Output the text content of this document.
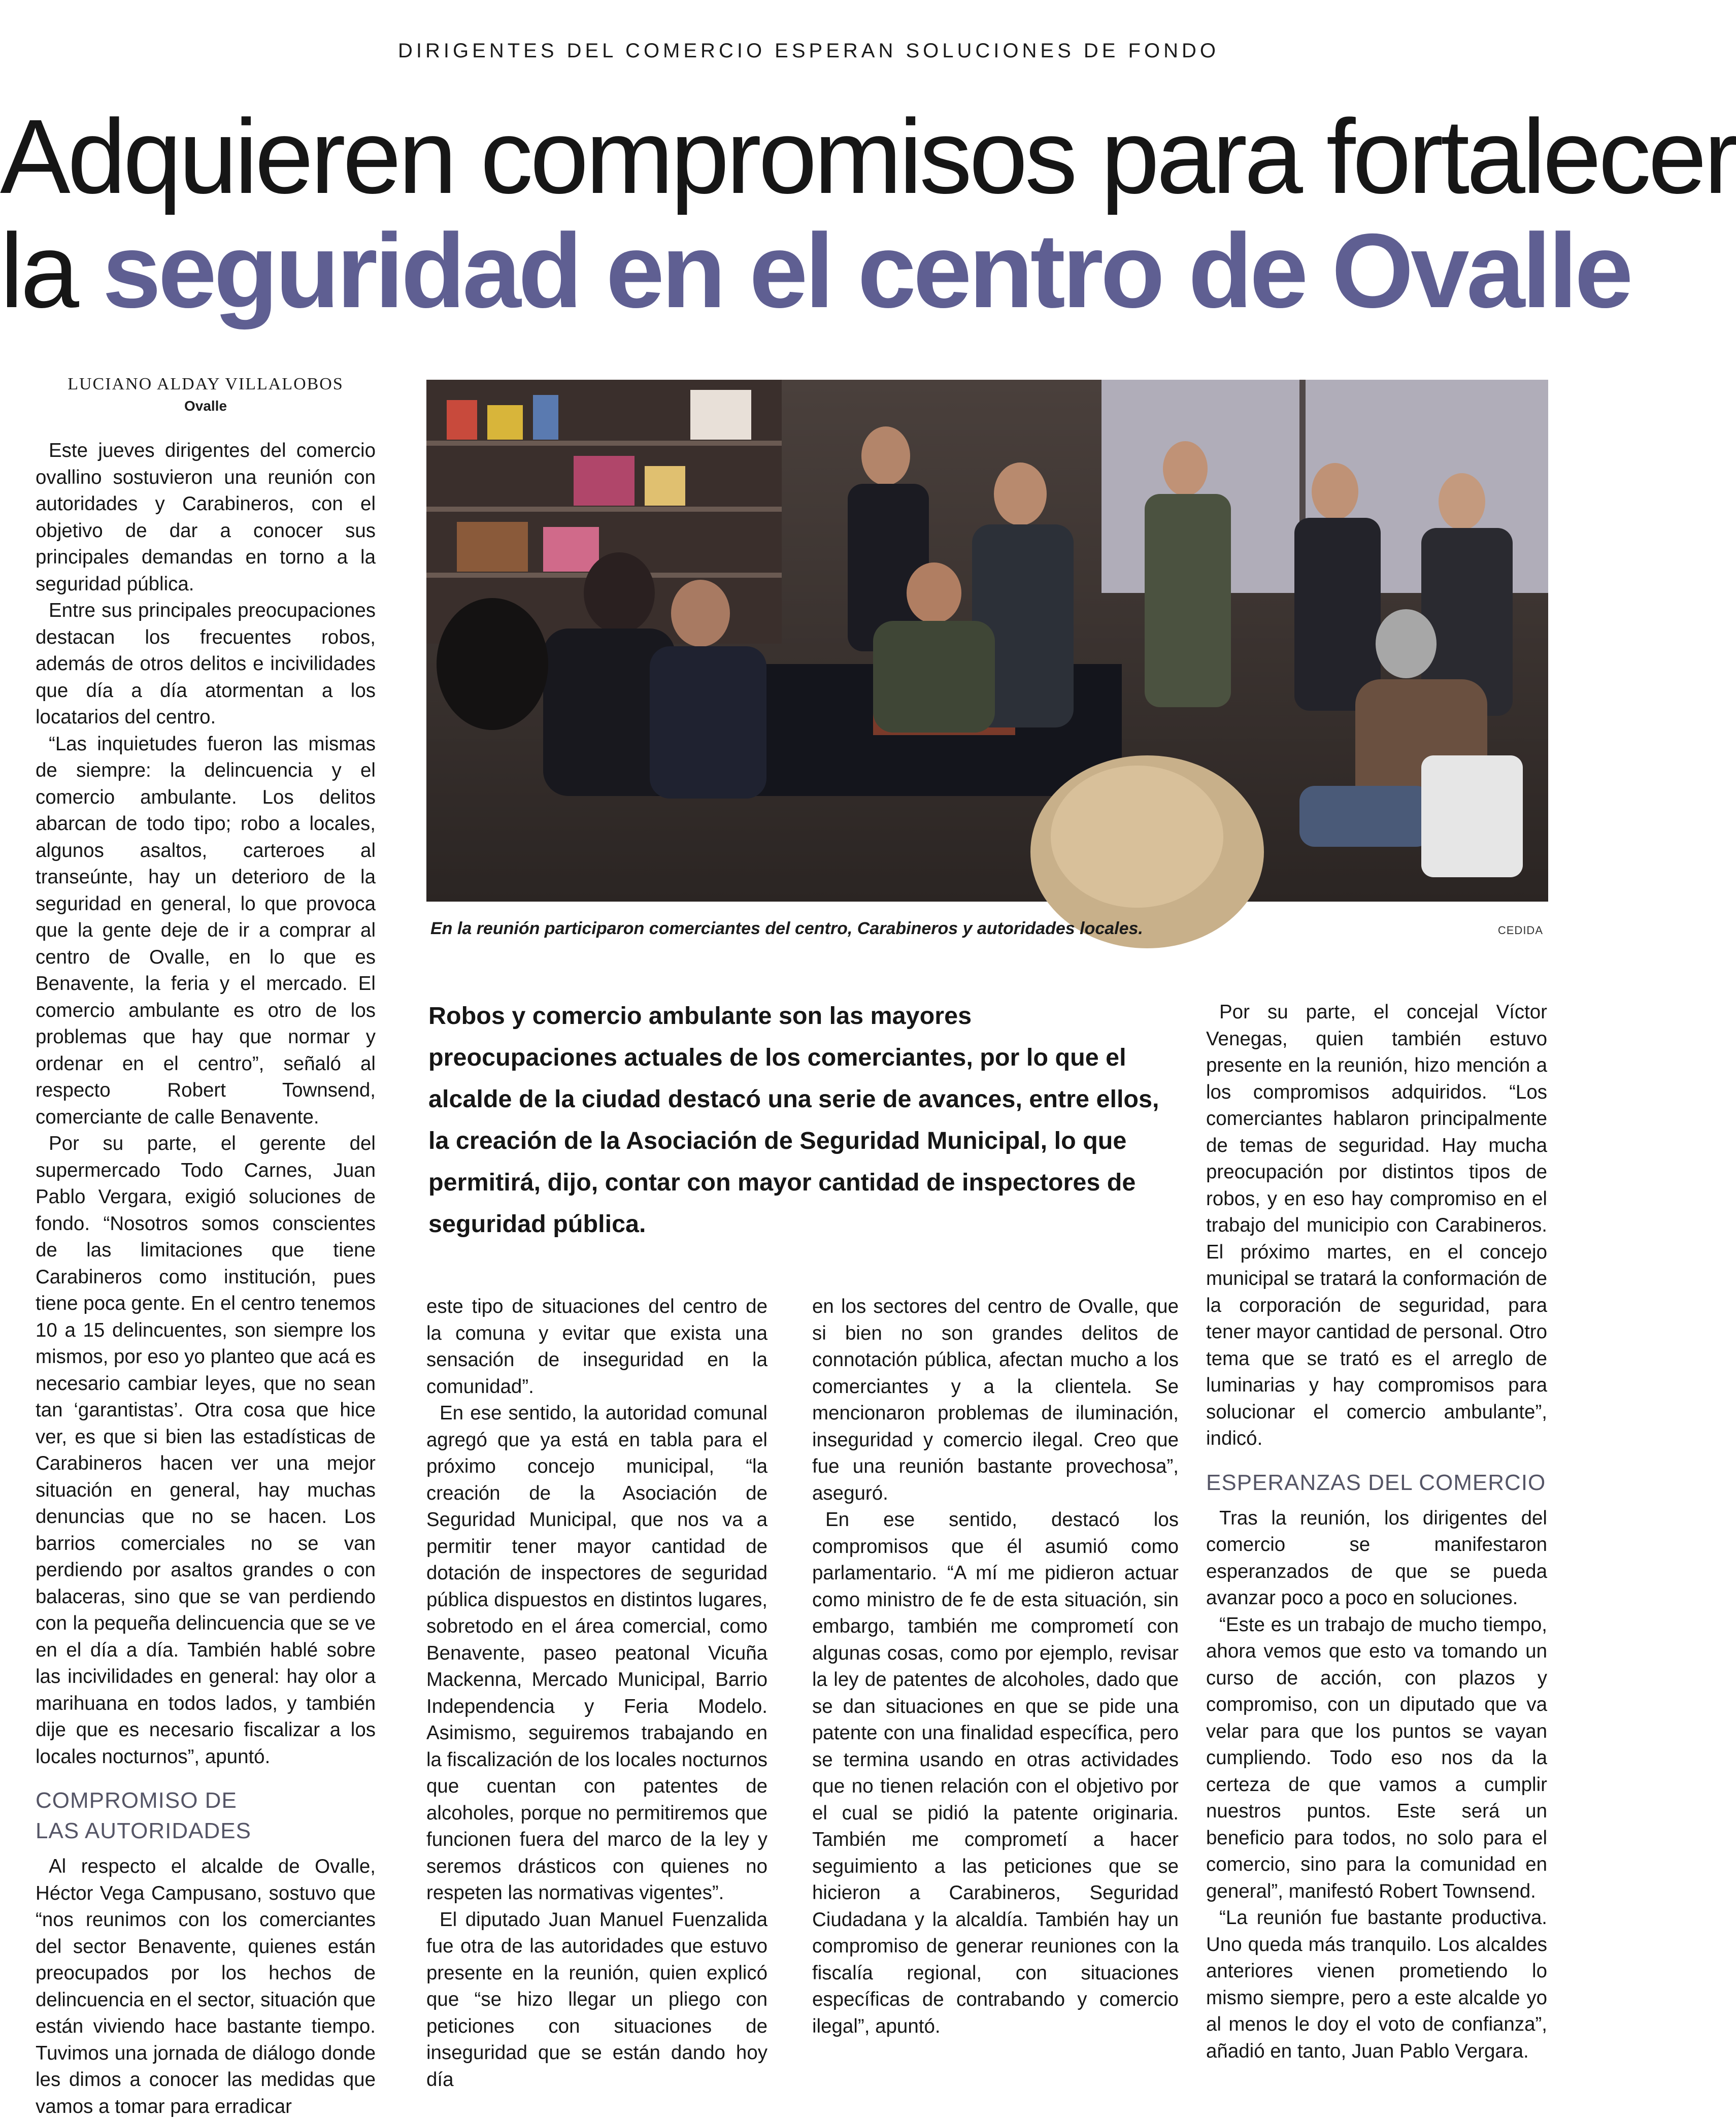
DIRIGENTES DEL COMERCIO ESPERAN SOLUCIONES DE FONDO
Adquieren compromisos para fortalecer
la seguridad en el centro de Ovalle
LUCIANO ALDAY VILLALOBOS
Ovalle

Este jueves dirigentes del comercio ovallino sostuvieron una reunión con autoridades y Carabineros, con el objetivo de dar a conocer sus principales demandas en torno a la seguridad pública.

Entre sus principales preocupaciones destacan los frecuentes robos, además de otros delitos e incivilidades que día a día atormentan a los locatarios del centro.

“Las inquietudes fueron las mismas de siempre: la delincuencia y el comercio ambulante. Los delitos abarcan de todo tipo; robo a locales, algunos asaltos, carteroes al transeúnte, hay un deterioro de la seguridad en general, lo que provoca que la gente deje de ir a comprar al centro de Ovalle, en lo que es Benavente, la feria y el mercado. El comercio ambulante es otro de los problemas que hay que normar y ordenar en el centro”, señaló al respecto Robert Townsend, comerciante de calle Benavente.

Por su parte, el gerente del supermercado Todo Carnes, Juan Pablo Vergara, exigió soluciones de fondo. “Nosotros somos conscientes de las limitaciones que tiene Carabineros como institución, pues tiene poca gente. En el centro tenemos 10 a 15 delincuentes, son siempre los mismos, por eso yo planteo que acá es necesario cambiar leyes, que no sean tan ‘garantistas’. Otra cosa que hice ver, es que si bien las estadísticas de Carabineros hacen ver una mejor situación en general, hay muchas denuncias que no se hacen. Los barrios comerciales no se van perdiendo por asaltos grandes o con balaceras, sino que se van perdiendo con la pequeña delincuencia que se ve en el día a día. También hablé sobre las incivilidades en general: hay olor a marihuana en todos lados, y también dije que es necesario fiscalizar a los locales nocturnos”, apuntó.

COMPROMISO DE
LAS AUTORIDADES

Al respecto el alcalde de Ovalle, Héctor Vega Campusano, sostuvo que “nos reunimos con los comerciantes del sector Benavente, quienes están preocupados por los hechos de delincuencia en el sector, situación que están viviendo hace bastante tiempo. Tuvimos una jornada de diálogo donde les dimos a conocer las medidas que vamos a tomar para erradicar

En la reunión participaron comerciantes del centro, Carabineros y autoridades locales.	CEDIDA
Robos y comercio ambulante son las mayores preocupaciones actuales de los comerciantes, por lo que el alcalde de la ciudad destacó una serie de avances, entre ellos, la creación de la Asociación de Seguridad Municipal, lo que permitirá, dijo, contar con mayor cantidad de inspectores de seguridad pública.

este tipo de situaciones del centro de la comuna y evitar que exista una sensación de inseguridad en la comunidad”.

En ese sentido, la autoridad comunal agregó que ya está en tabla para el próximo concejo municipal, “la creación de la Asociación de Seguridad Municipal, que nos va a permitir tener mayor cantidad de dotación de inspectores de seguridad pública dispuestos en distintos lugares, sobretodo en el área comercial, como Benavente, paseo peatonal Vicuña Mackenna, Mercado Municipal, Barrio Independencia y Feria Modelo. Asimismo, seguiremos trabajando en la fiscalización de los locales nocturnos que cuentan con patentes de alcoholes, porque no permitiremos que funcionen fuera del marco de la ley y seremos drásticos con quienes no respeten las normativas vigentes”.

El diputado Juan Manuel Fuenzalida fue otra de las autoridades que estuvo presente en la reunión, quien explicó que “se hizo llegar un pliego con peticiones con situaciones de inseguridad que se están dando hoy día

en los sectores del centro de Ovalle, que si bien no son grandes delitos de connotación pública, afectan mucho a los comerciantes y a la clientela. Se mencionaron problemas de iluminación, inseguridad y comercio ilegal. Creo que fue una reunión bastante provechosa”, aseguró.

En ese sentido, destacó los compromisos que él asumió como parlamentario. “A mí me pidieron actuar como ministro de fe de esta situación, sin embargo, también me comprometí con algunas cosas, como por ejemplo, revisar la ley de patentes de alcoholes, dado que se dan situaciones en que se pide una patente con una finalidad específica, pero se termina usando en otras actividades que no tienen relación con el objetivo por el cual se pidió la patente originaria. También me comprometí a hacer seguimiento a las peticiones que se hicieron a Carabineros, Seguridad Ciudadana y la alcaldía. También hay un compromiso de generar reuniones con la fiscalía regional, con situaciones específicas de contrabando y comercio ilegal”, apuntó.

Por su parte, el concejal Víctor Venegas, quien también estuvo presente en la reunión, hizo mención a los compromisos adquiridos. “Los comerciantes hablaron principalmente de temas de seguridad. Hay mucha preocupación por distintos tipos de robos, y en eso hay compromiso en el trabajo del municipio con Carabineros. El próximo martes, en el concejo municipal se tratará la conformación de la corporación de seguridad, para tener mayor cantidad de personal. Otro tema que se trató es el arreglo de luminarias y hay compromisos para solucionar el comercio ambulante”, indicó.

ESPERANZAS DEL COMERCIO

Tras la reunión, los dirigentes del comercio se manifestaron esperanzados de que se pueda avanzar poco a poco en soluciones.

“Este es un trabajo de mucho tiempo, ahora vemos que esto va tomando un curso de acción, con plazos y compromiso, con un diputado que va velar para que los puntos se vayan cumpliendo. Todo eso nos da la certeza de que vamos a cumplir nuestros puntos. Este será un beneficio para todos, no solo para el comercio, sino para la comunidad en general”, manifestó Robert Townsend.

“La reunión fue bastante productiva. Uno queda más tranquilo. Los alcaldes anteriores vienen prometiendo lo mismo siempre, pero a este alcalde yo al menos le doy el voto de confianza”, añadió en tanto, Juan Pablo Vergara.
